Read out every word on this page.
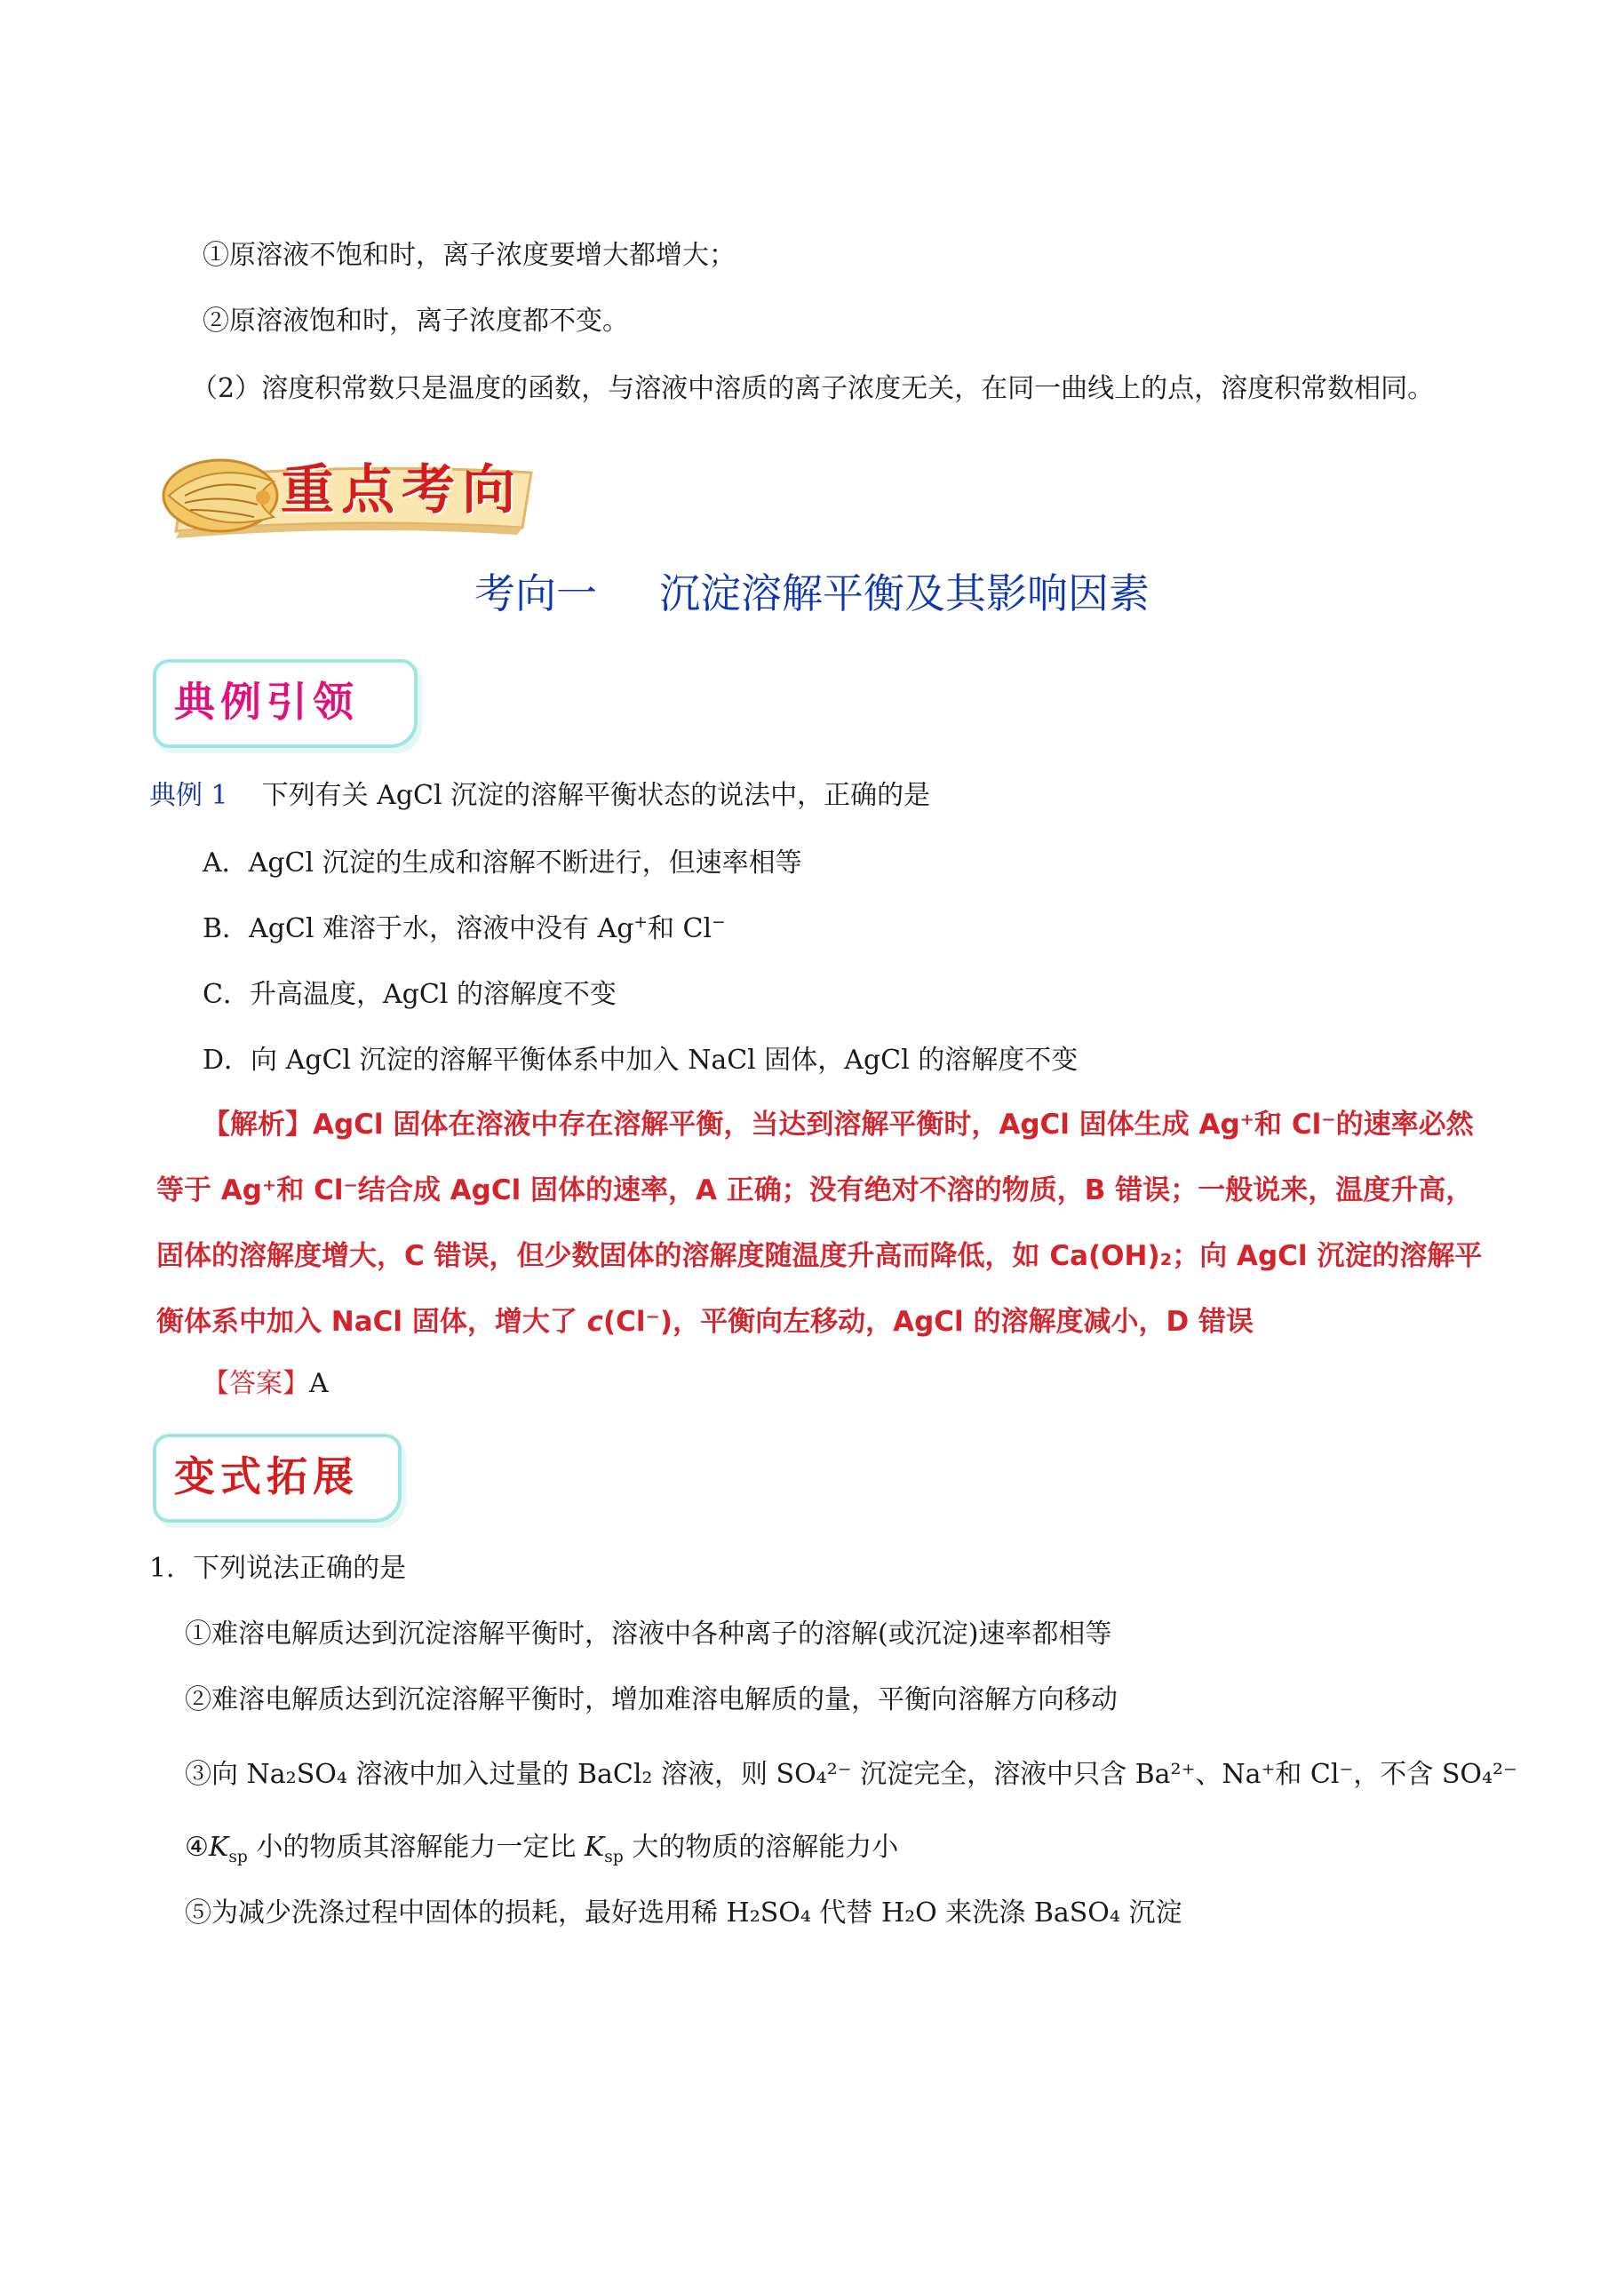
①原溶液不饱和时，离子浓度要增大都增大；
②原溶液饱和时，离子浓度都不变。
（2）溶度积常数只是温度的函数，与溶液中溶质的离子浓度无关，在同一曲线上的点，溶度积常数相同。
重点考向
考向一 沉淀溶解平衡及其影响因素
典例引领
典例 1 下列有关 AgCl 沉淀的溶解平衡状态的说法中，正确的是
A．AgCl 沉淀的生成和溶解不断进行，但速率相等
B．AgCl 难溶于水，溶液中没有 Ag+和 Cl−
C．升高温度，AgCl 的溶解度不变
D．向 AgCl 沉淀的溶解平衡体系中加入 NaCl 固体，AgCl 的溶解度不变
【解析】AgCl 固体在溶液中存在溶解平衡，当达到溶解平衡时，AgCl 固体生成 Ag⁺和 Cl⁻的速率必然
等于 Ag⁺和 Cl⁻结合成 AgCl 固体的速率，A 正确；没有绝对不溶的物质，B 错误；一般说来，温度升高，
固体的溶解度增大，C 错误，但少数固体的溶解度随温度升高而降低，如 Ca(OH)₂；向 AgCl 沉淀的溶解平
衡体系中加入 NaCl 固体，增大了 c(Cl⁻)，平衡向左移动，AgCl 的溶解度减小，D 错误
【答案】A
变式拓展
1．下列说法正确的是
①难溶电解质达到沉淀溶解平衡时，溶液中各种离子的溶解(或沉淀)速率都相等
②难溶电解质达到沉淀溶解平衡时，增加难溶电解质的量，平衡向溶解方向移动
③向 Na₂SO₄ 溶液中加入过量的 BaCl₂ 溶液，则 SO₄²⁻ 沉淀完全，溶液中只含 Ba²⁺、Na⁺和 Cl⁻，不含 SO₄²⁻
$④K_{sp}$ 小的物质其溶解能力一定比 $K_{sp}$ 大的物质的溶解能力小
⑤为减少洗涤过程中固体的损耗，最好选用稀 H₂SO₄ 代替 H₂O 来洗涤 BaSO₄ 沉淀
